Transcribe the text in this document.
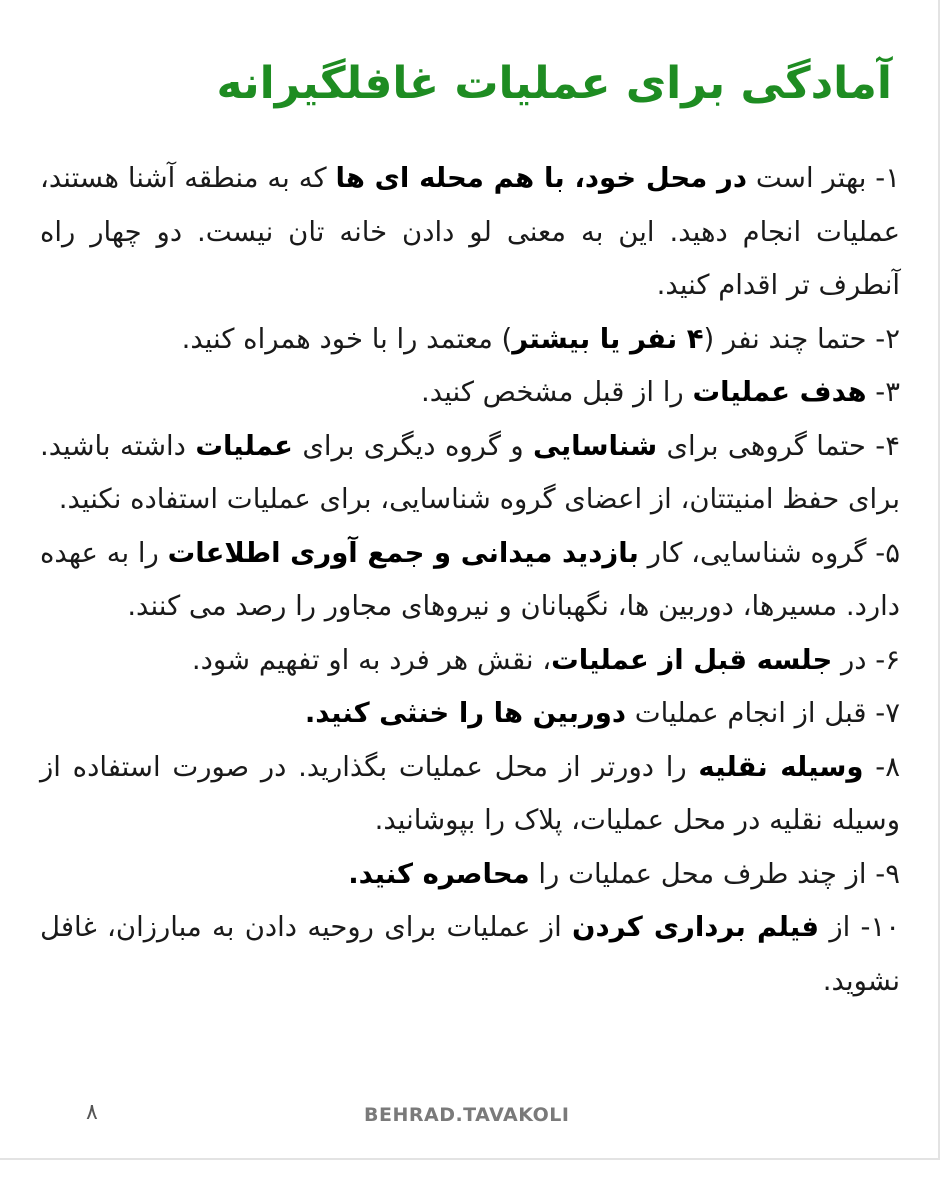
آمادگی برای عملیات غافلگیرانه

۱- بهتر است در محل خود، با هم محله ای ها که به منطقه آشنا هستند، عملیات انجام دهید. این به معنی لو دادن خانه تان نیست. دو چهار راه آنطرف تر اقدام کنید.

۲- حتما چند نفر (۴ نفر یا بیشتر) معتمد را با خود همراه کنید.

۳- هدف عملیات را از قبل مشخص کنید.

۴- حتما گروهی برای شناسایی و گروه دیگری برای عملیات داشته باشید. برای حفظ امنیتتان، از اعضای گروه شناسایی، برای عملیات استفاده نکنید.

۵- گروه شناسایی، کار بازدید میدانی و جمع آوری اطلاعات را به عهده دارد. مسیرها، دوربین ها، نگهبانان و نیروهای مجاور را رصد می کنند.

۶- در جلسه قبل از عملیات، نقش هر فرد به او تفهیم شود.

۷- قبل از انجام عملیات دوربین ها را خنثی کنید.

۸- وسیله نقلیه را دورتر از محل عملیات بگذارید. در صورت استفاده از وسیله نقلیه در محل عملیات، پلاک را بپوشانید.

۹- از چند طرف محل عملیات را محاصره کنید.

۱۰- از فیلم برداری کردن از عملیات برای روحیه دادن به مبارزان، غافل نشوید.

۸	BEHRAD.TAVAKOLI
